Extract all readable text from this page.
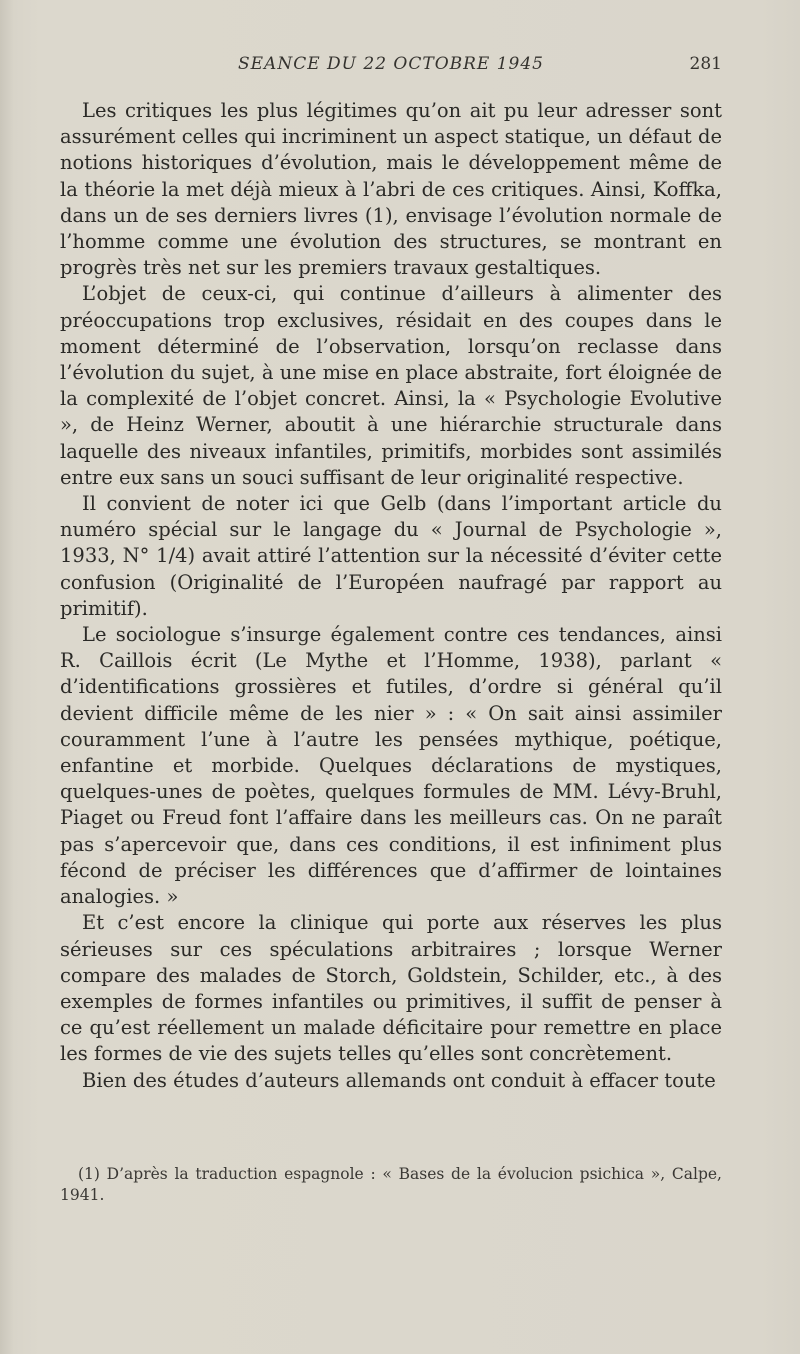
SEANCE DU 22 OCTOBRE 1945	281

Les critiques les plus légitimes qu’on ait pu leur adresser sont assurément celles qui incriminent un aspect statique, un défaut de notions historiques d’évolution, mais le développement même de la théorie la met déjà mieux à l’abri de ces critiques. Ainsi, Koffka, dans un de ses derniers livres (1), envisage l’évolution normale de l’homme comme une évolution des structures, se montrant en progrès très net sur les premiers travaux gestaltiques.

L’objet de ceux-ci, qui continue d’ailleurs à alimenter des préoccupations trop exclusives, résidait en des coupes dans le moment déterminé de l’observation, lorsqu’on reclasse dans l’évolution du sujet, à une mise en place abstraite, fort éloignée de la complexité de l’objet concret. Ainsi, la « Psychologie Evolutive », de Heinz Werner, aboutit à une hiérarchie structurale dans laquelle des niveaux infantiles, primitifs, morbides sont assimilés entre eux sans un souci suffisant de leur originalité respective.

Il convient de noter ici que Gelb (dans l’important article du numéro spécial sur le langage du « Journal de Psychologie », 1933, N° 1/4) avait attiré l’attention sur la nécessité d’éviter cette confusion (Originalité de l’Européen naufragé par rapport au primitif).

Le sociologue s’insurge également contre ces tendances, ainsi R. Caillois écrit (Le Mythe et l’Homme, 1938), parlant « d’identifications grossières et futiles, d’ordre si général qu’il devient difficile même de les nier » : « On sait ainsi assimiler couramment l’une à l’autre les pensées mythique, poétique, enfantine et morbide. Quelques déclarations de mystiques, quelques-unes de poètes, quelques formules de MM. Lévy-Bruhl, Piaget ou Freud font l’affaire dans les meilleurs cas. On ne paraît pas s’apercevoir que, dans ces conditions, il est infiniment plus fécond de préciser les différences que d’affirmer de lointaines analogies. »

Et c’est encore la clinique qui porte aux réserves les plus sérieuses sur ces spéculations arbitraires ; lorsque Werner compare des malades de Storch, Goldstein, Schilder, etc., à des exemples de formes infantiles ou primitives, il suffit de penser à ce qu’est réellement un malade déficitaire pour remettre en place les formes de vie des sujets telles qu’elles sont concrètement.

Bien des études d’auteurs allemands ont conduit à effacer toute

(1) D’après la traduction espagnole : « Bases de la évolucion psichica », Calpe, 1941.
